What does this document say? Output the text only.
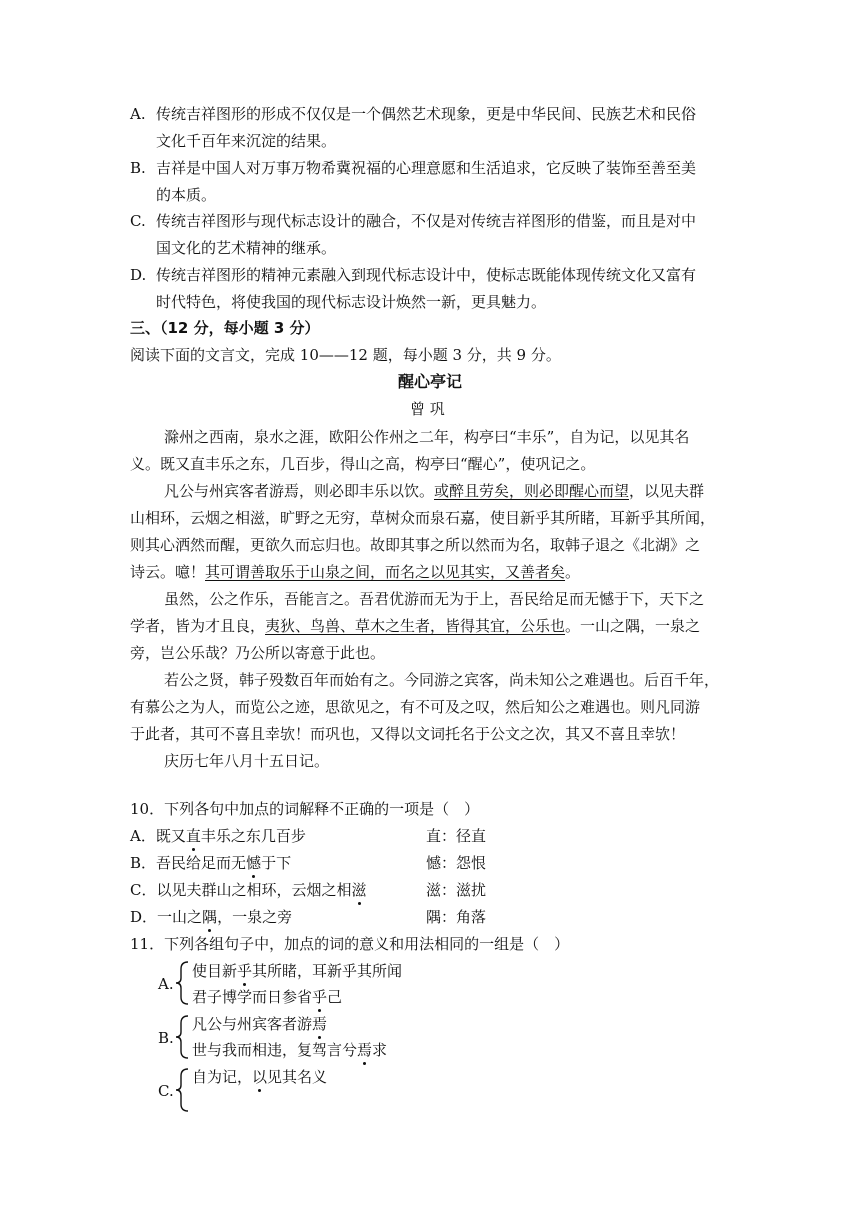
A. 传统吉祥图形的形成不仅仅是一个偶然艺术现象，更是中华民间、民族艺术和民俗
文化千百年来沉淀的结果。
B. 吉祥是中国人对万事万物希冀祝福的心理意愿和生活追求，它反映了装饰至善至美
的本质。
C. 传统吉祥图形与现代标志设计的融合，不仅是对传统吉祥图形的借鉴，而且是对中
国文化的艺术精神的继承。
D. 传统吉祥图形的精神元素融入到现代标志设计中，使标志既能体现传统文化又富有
时代特色，将使我国的现代标志设计焕然一新，更具魅力。
三、（12 分，每小题 3 分）
阅读下面的文言文，完成 10——12 题，每小题 3 分，共 9 分。
醒心亭记
曾 巩
滁州之西南，泉水之涯，欧阳公作州之二年，构亭曰“丰乐”，自为记，以见其名
义。既又直丰乐之东，几百步，得山之高，构亭曰“醒心”，使巩记之。
凡公与州宾客者游焉，则必即丰乐以饮。或醉且劳矣，则必即醒心而望，以见夫群
山相环，云烟之相滋，旷野之无穷，草树众而泉石嘉，使目新乎其所睹，耳新乎其所闻，
则其心洒然而醒，更欲久而忘归也。故即其事之所以然而为名，取韩子退之《北湖》之
诗云。噫！其可谓善取乐于山泉之间，而名之以见其实，又善者矣。
虽然，公之作乐，吾能言之。吾君优游而无为于上，吾民给足而无憾于下，天下之
学者，皆为才且良，夷狄、鸟兽、草木之生者，皆得其宜，公乐也。一山之隅，一泉之
旁，岂公乐哉？乃公所以寄意于此也。
若公之贤，韩子殁数百年而始有之。今同游之宾客，尚未知公之难遇也。后百千年，
有慕公之为人，而览公之迹，思欲见之，有不可及之叹，然后知公之难遇也。则凡同游
于此者，其可不喜且幸欤！而巩也，又得以文词托名于公文之次，其又不喜且幸欤！
庆历七年八月十五日记。
10．下列各句中加点的词解释不正确的一项是（　）
A．既又直丰乐之东几百步	直：径直
B．吾民给足而无憾于下	憾：怨恨
C．以见夫群山之相环，云烟之相滋	滋：滋扰
D．一山之隅，一泉之旁	隅：角落
11．下列各组句子中，加点的词的意义和用法相同的一组是（　）
A.
使目新乎其所睹，耳新乎其所闻
君子博学而日参省乎己
B.
凡公与州宾客者游焉
世与我而相违，复驾言兮焉求
C.
自为记，以见其名义
